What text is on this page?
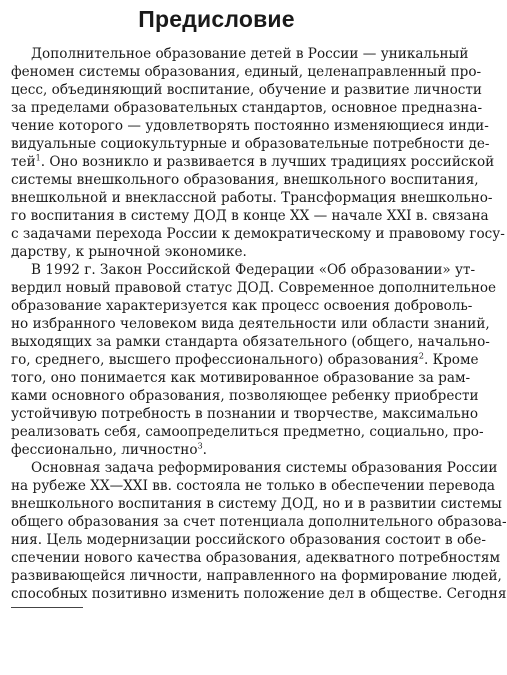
Предисловие
Дополнительное образование детей в России — уникальный
феномен системы образования, единый, целенаправленный про-
цесс, объединяющий воспитание, обучение и развитие личности
за пределами образовательных стандартов, основное предназна-
чение которого — удовлетворять постоянно изменяющиеся инди-
видуальные социокультурные и образовательные потребности де-
тей$^1$. Оно возникло и развивается в лучших традициях российской
системы внешкольного образования, внешкольного воспитания,
внешкольной и внеклассной работы. Трансформация внешкольно-
го воспитания в систему ДОД в конце XX — начале XXI в. связана
с задачами перехода России к демократическому и правовому госу-
дарству, к рыночной экономике.
В 1992 г. Закон Российской Федерации «Об образовании» ут-
вердил новый правовой статус ДОД. Современное дополнительное
образование характеризуется как процесс освоения доброволь-
но избранного человеком вида деятельности или области знаний,
выходящих за рамки стандарта обязательного (общего, начально-
го, среднего, высшего профессионального) образования$^2$. Кроме
того, оно понимается как мотивированное образование за рам-
ками основного образования, позволяющее ребенку приобрести
устойчивую потребность в познании и творчестве, максимально
реализовать себя, самоопределиться предметно, социально, про-
фессионально, личностно$^3$.
Основная задача реформирования системы образования России
на рубеже XX—XXI вв. состояла не только в обеспечении перевода
внешкольного воспитания в систему ДОД, но и в развитии системы
общего образования за счет потенциала дополнительного образова-
ния. Цель модернизации российского образования состоит в обе-
спечении нового качества образования, адекватного потребностям
развивающейся личности, направленного на формирование людей,
способных позитивно изменить положение дел в обществе. Сегодня
